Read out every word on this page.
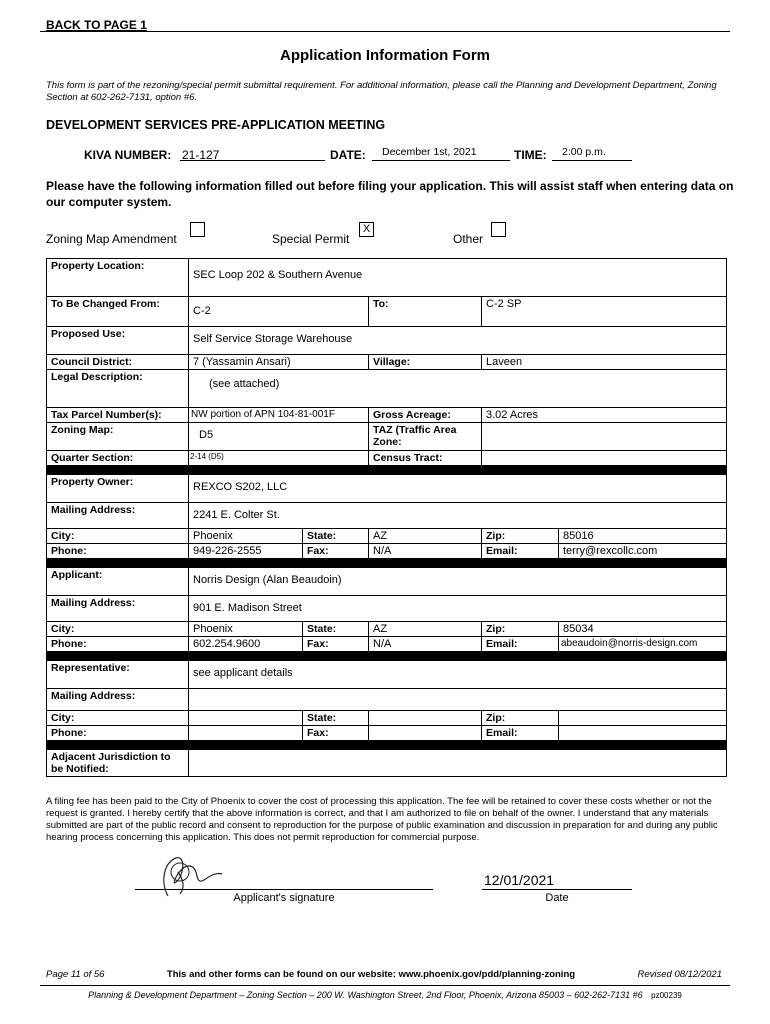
BACK TO PAGE 1
Application Information Form
This form is part of the rezoning/special permit submittal requirement. For additional information, please call the Planning and Development Department, Zoning Section at 602-262-7131, option #6.
DEVELOPMENT SERVICES PRE-APPLICATION MEETING
KIVA NUMBER: 21-127	DATE:	$^{December 1st, 2021}$	TIME:	$^{2:00 p.m.}$
Please have the following information filled out before filing your application. This will assist staff when entering data on our computer system.
Zoning Map Amendment	Special Permit
X
Other
Property Location:	SEC Loop 202 & Southern Avenue				
To Be Changed From:	C-2		To:	C-2 SP	
Proposed Use:	Self Service Storage Warehouse				
Council District:	7 (Yassamin Ansari)		Village:	Laveen	
Legal Description:	(see attached)				
Tax Parcel Number(s):	NW portion of APN 104-81-001F		Gross Acreage:	3.02 Acres	
Zoning Map:	D5		TAZ (Traffic Area Zone:		
Quarter Section:	2-14 (D5)		Census Tract:		

Property Owner:	REXCO S202, LLC				
Mailing Address:	2241 E. Colter St.				
City:	Phoenix	State:	AZ	Zip:	85016
Phone:	949-226-2555	Fax:	N/A	Email:	terry@rexcollc.com

Applicant:	Norris Design (Alan Beaudoin)				
Mailing Address:	901 E. Madison Street				
City:	Phoenix	State:	AZ	Zip:	85034
Phone:	602.254.9600	Fax:	N/A	Email:	abeaudoin@norris-design.com

Representative:	see applicant details				
Mailing Address:					
City:		State:		Zip:	
Phone:		Fax:		Email:	

Adjacent Jurisdiction to be Notified:					
A filing fee has been paid to the City of Phoenix to cover the cost of processing this application. The fee will be retained to cover these costs whether or not the request is granted. I hereby certify that the above information is correct, and that I am authorized to file on behalf of the owner. I understand that any materials submitted are part of the public record and consent to reproduction for the purpose of public examination and discussion in preparation for and during any public hearing process concerning this application. This does not permit reproduction for commercial purpose.
Applicant's signature
12/01/2021
Date
Page 11 of 56	This and other forms can be found on our website: www.phoenix.gov/pdd/planning-zoning	Revised 08/12/2021
Planning & Development Department – Zoning Section – 200 W. Washington Street, 2nd Floor, Phoenix, Arizona 85003 – 602-262-7131 #6 pz00239
